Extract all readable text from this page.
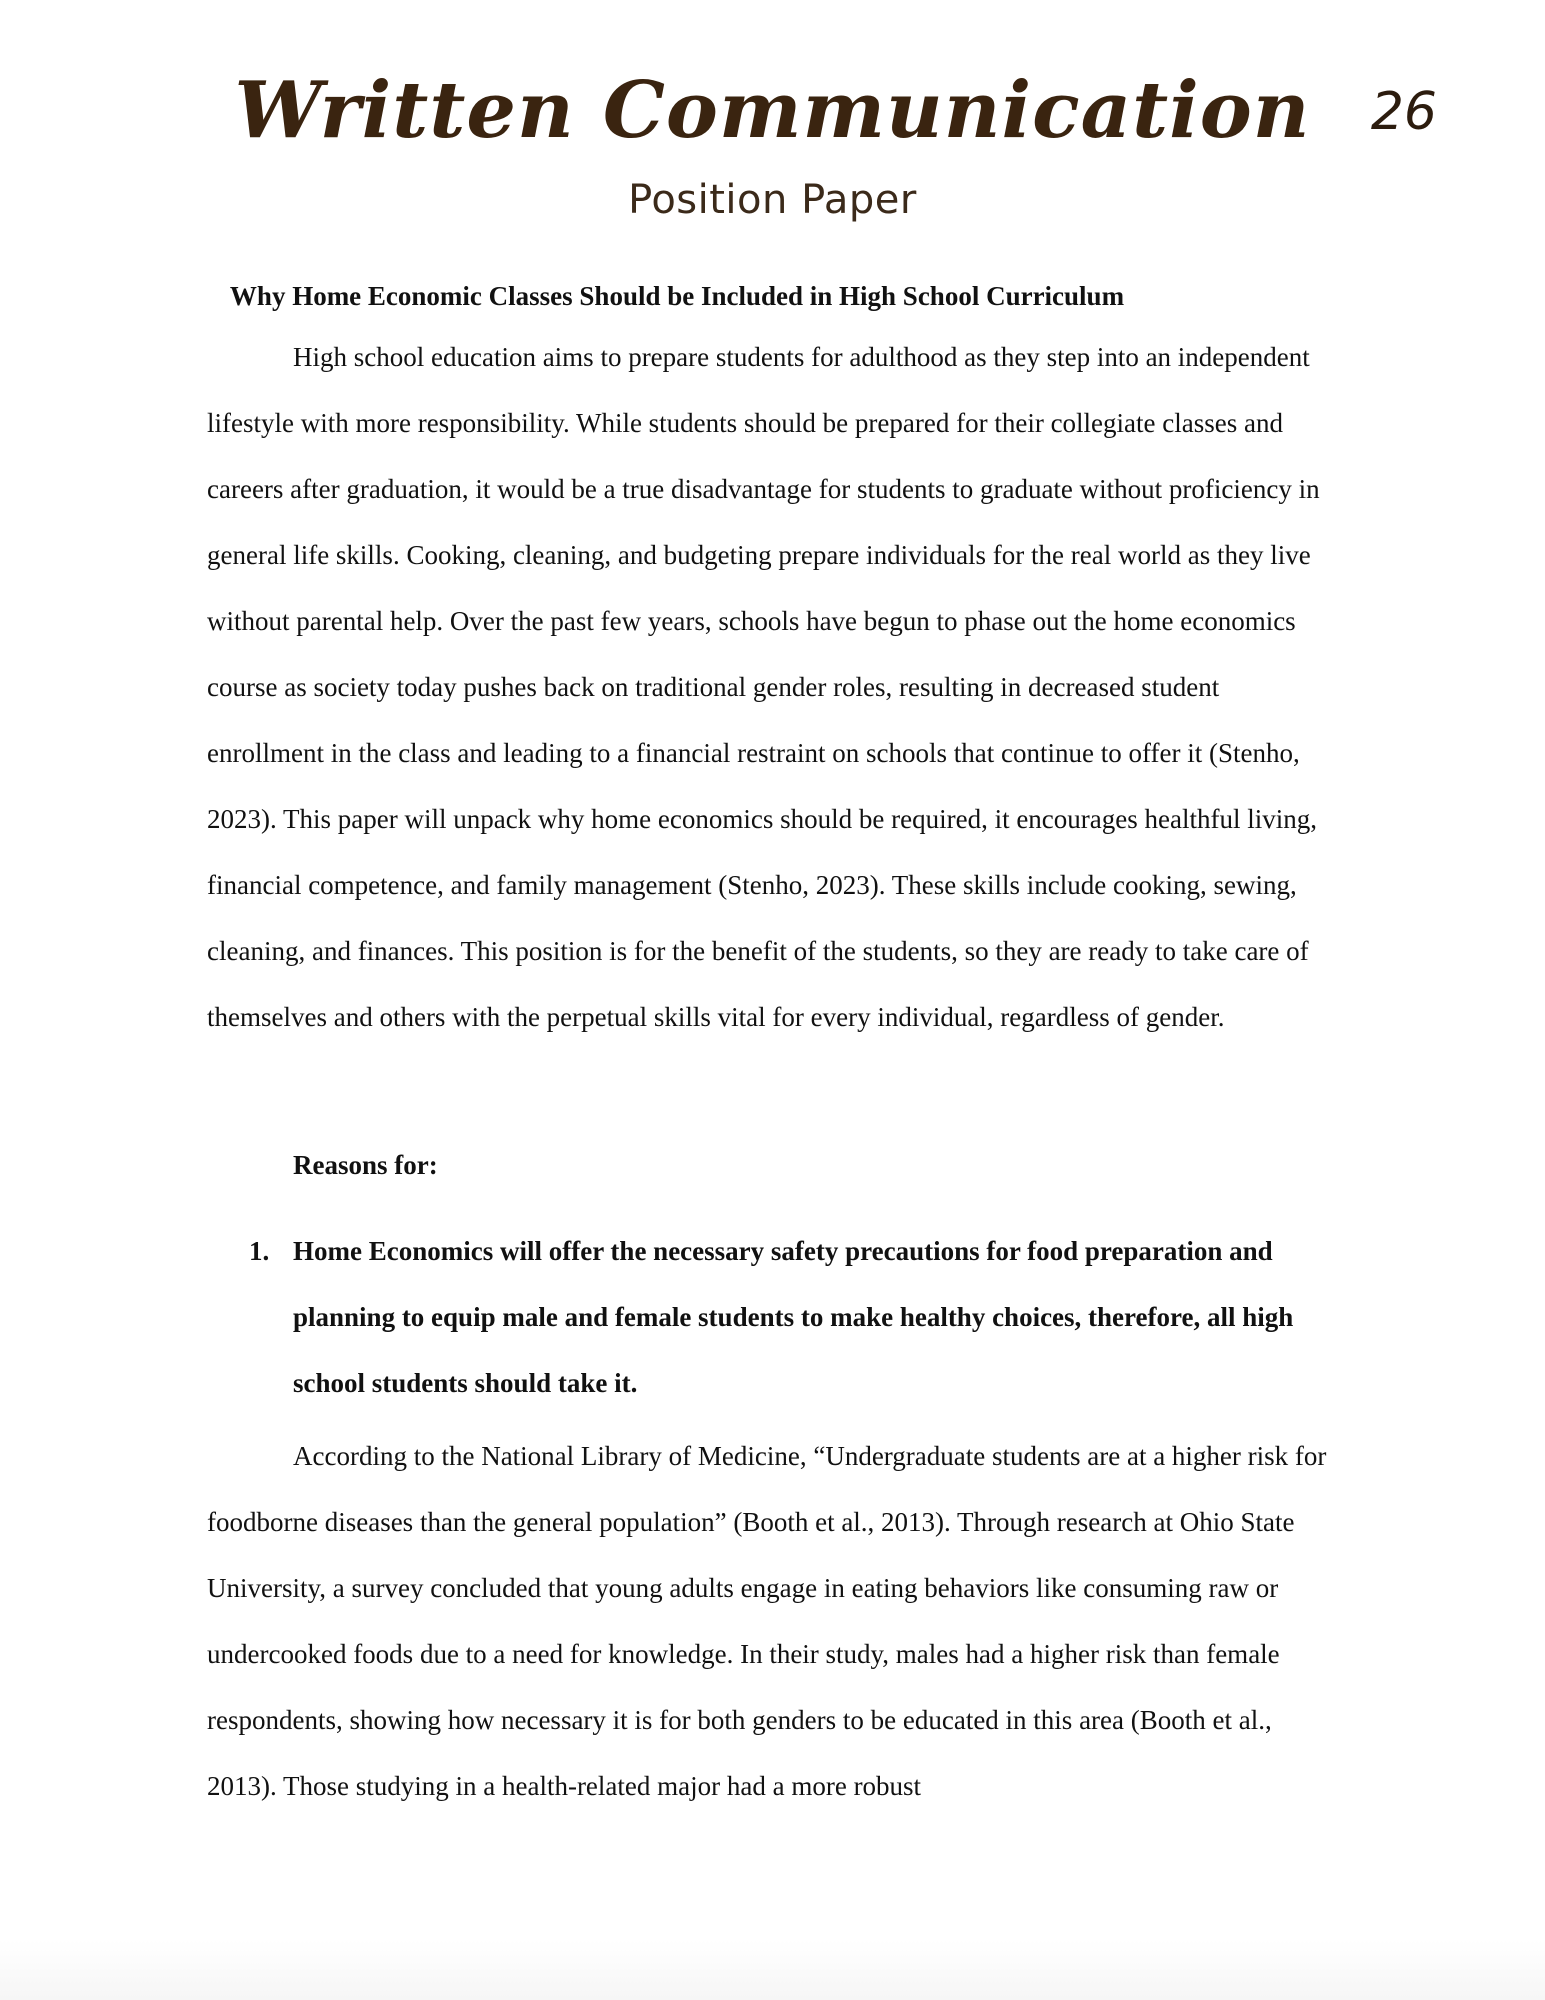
Written Communication
Position Paper
26
Why Home Economic Classes Should be Included in High School Curriculum

High school education aims to prepare students for adulthood as they step into an independent lifestyle with more responsibility. While students should be prepared for their collegiate classes and careers after graduation, it would be a true disadvantage for students to graduate without proficiency in general life skills. Cooking, cleaning, and budgeting prepare individuals for the real world as they live without parental help. Over the past few years, schools have begun to phase out the home economics course as society today pushes back on traditional gender roles, resulting in decreased student enrollment in the class and leading to a financial restraint on schools that continue to offer it (Stenho, 2023). This paper will unpack why home economics should be required, it encourages healthful living, financial competence, and family management (Stenho, 2023). These skills include cooking, sewing, cleaning, and finances. This position is for the benefit of the students, so they are ready to take care of themselves and others with the perpetual skills vital for every individual, regardless of gender.

Reasons for:
1. Home Economics will offer the necessary safety precautions for food preparation and planning to equip male and female students to make healthy choices, therefore, all high school students should take it.

According to the National Library of Medicine, “Undergraduate students are at a higher risk for foodborne diseases than the general population” (Booth et al., 2013). Through research at Ohio State University, a survey concluded that young adults engage in eating behaviors like consuming raw or undercooked foods due to a need for knowledge. In their study, males had a higher risk than female respondents, showing how necessary it is for both genders to be educated in this area (Booth et al., 2013). Those studying in a health-related major had a more robust
